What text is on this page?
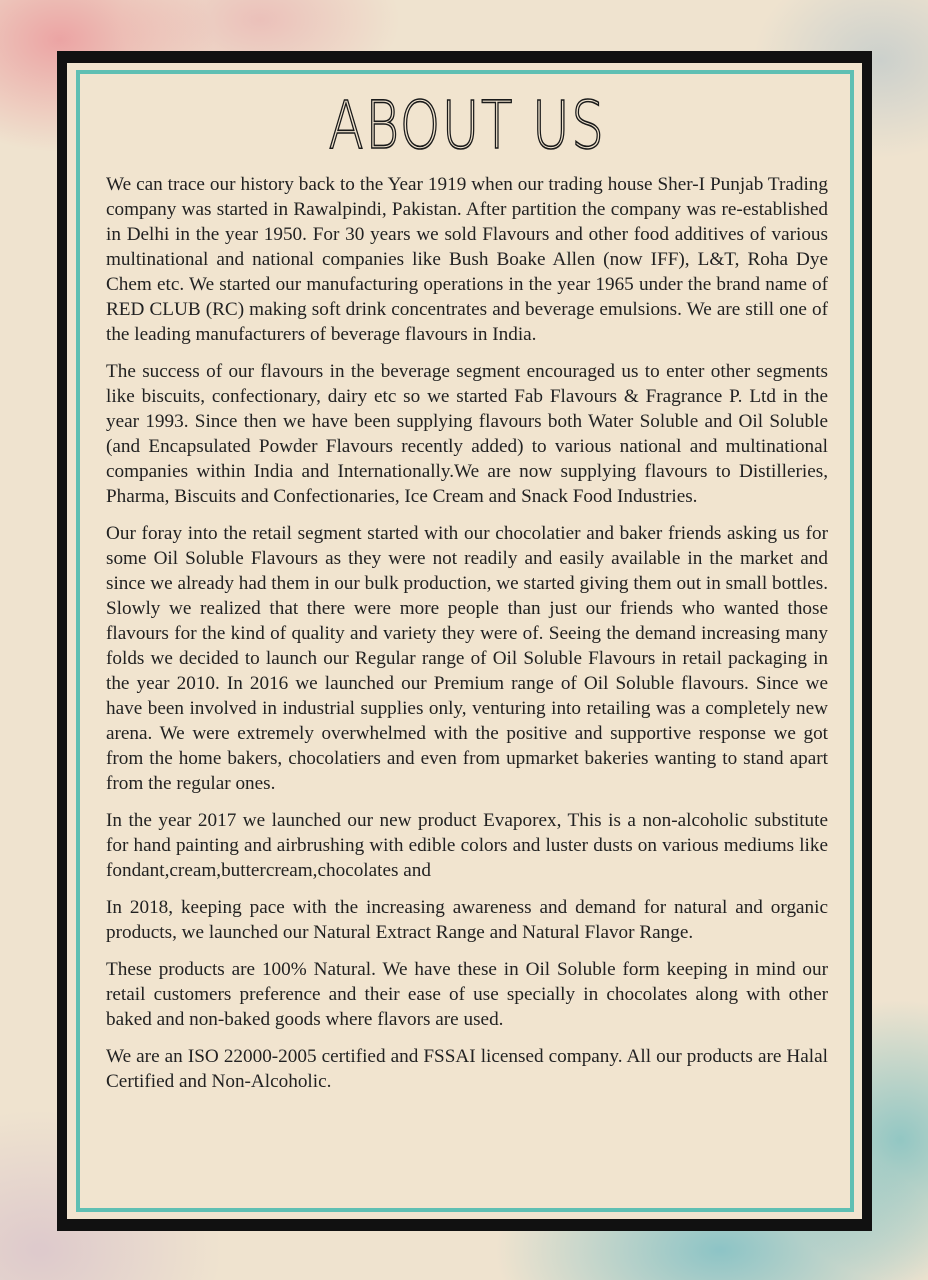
ABOUT US

We can trace our history back to the Year 1919 when our trading house Sher-I Punjab Trading company was started in Rawalpindi, Pakistan. After partition the company was re-established in Delhi in the year 1950. For 30 years we sold Flavours and other food additives of various multinational and national companies like Bush Boake Allen (now IFF), L&T, Roha Dye Chem etc. We started our manufacturing operations in the year 1965 under the brand name of RED CLUB (RC) making soft drink concentrates and beverage emulsions. We are still one of the leading manufacturers of beverage flavours in India.

The success of our flavours in the beverage segment encouraged us to enter other segments like biscuits, confectionary, dairy etc so we started Fab Flavours & Fragrance P. Ltd in the year 1993. Since then we have been supplying flavours both Water Soluble and Oil Soluble (and Encapsulated Powder Flavours recently added) to various national and multinational companies within India and Internationally.We are now supplying flavours to Distilleries, Pharma, Biscuits and Confectionaries, Ice Cream and Snack Food Industries.

Our foray into the retail segment started with our chocolatier and baker friends asking us for some Oil Soluble Flavours as they were not readily and easily available in the market and since we already had them in our bulk production, we started giving them out in small bottles. Slowly we realized that there were more people than just our friends who wanted those flavours for the kind of quality and variety they were of. Seeing the demand increasing many folds we decided to launch our Regular range of Oil Soluble Flavours in retail packaging in the year 2010. In 2016 we launched our Premium range of Oil Soluble flavours. Since we have been involved in industrial supplies only, venturing into retailing was a completely new arena. We were extremely overwhelmed with the positive and supportive response we got from the home bakers, chocolatiers and even from upmarket bakeries wanting to stand apart from the regular ones.

In the year 2017 we launched our new product Evaporex, This is a non-alcoholic substitute for hand painting and airbrushing with edible colors and luster dusts on various mediums like fondant,cream,buttercream,chocolates and

In 2018, keeping pace with the increasing awareness and demand for natural and organic products, we launched our Natural Extract Range and Natural Flavor Range.

These products are 100% Natural. We have these in Oil Soluble form keeping in mind our retail customers preference and their ease of use specially in chocolates along with other baked and non-baked goods where flavors are used.

We are an ISO 22000-2005 certified and FSSAI licensed company. All our products are Halal Certified and Non-Alcoholic.
